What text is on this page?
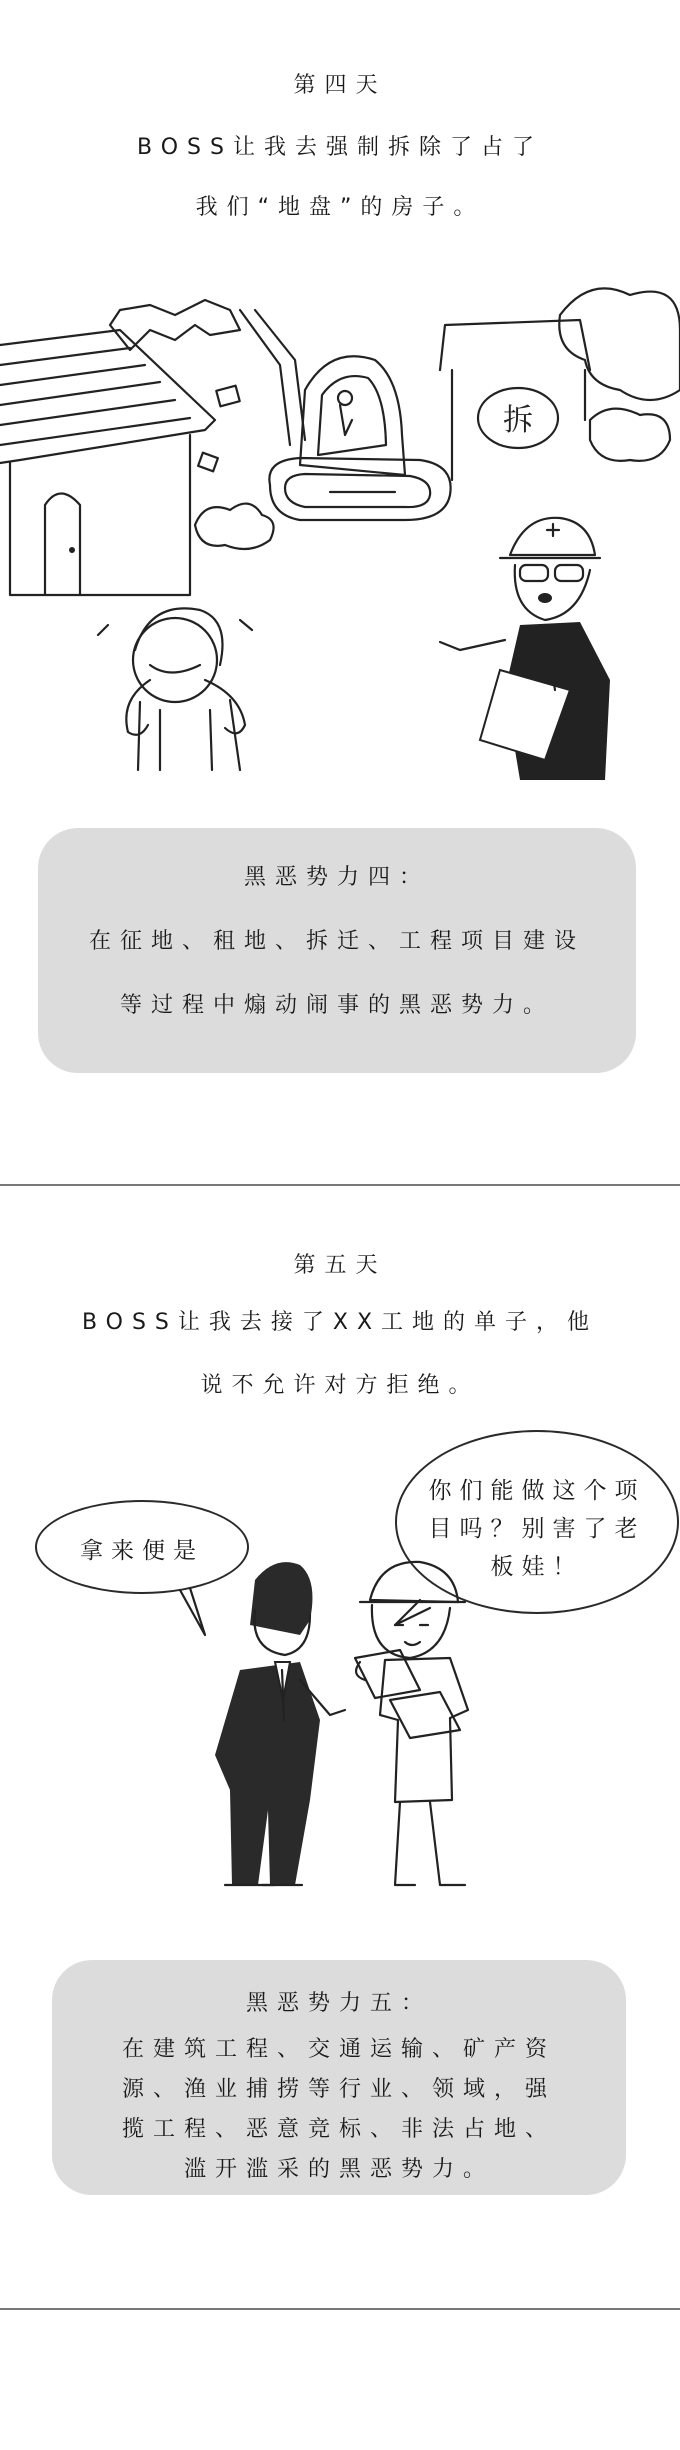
第四天
BOSS让我去强制拆除了占了
我们“地盘”的房子。
拆
黑恶势力四：
在征地、租地、拆迁、工程项目建设
等过程中煽动闹事的黑恶势力。
第五天
BOSS让我去接了XX工地的单子，他
说不允许对方拒绝。
拿来便是
你们能做这个项
目吗？别害了老
板娃！
黑恶势力五：
在建筑工程、交通运输、矿产资
源、渔业捕捞等行业、领域，强
揽工程、恶意竞标、非法占地、
滥开滥采的黑恶势力。
